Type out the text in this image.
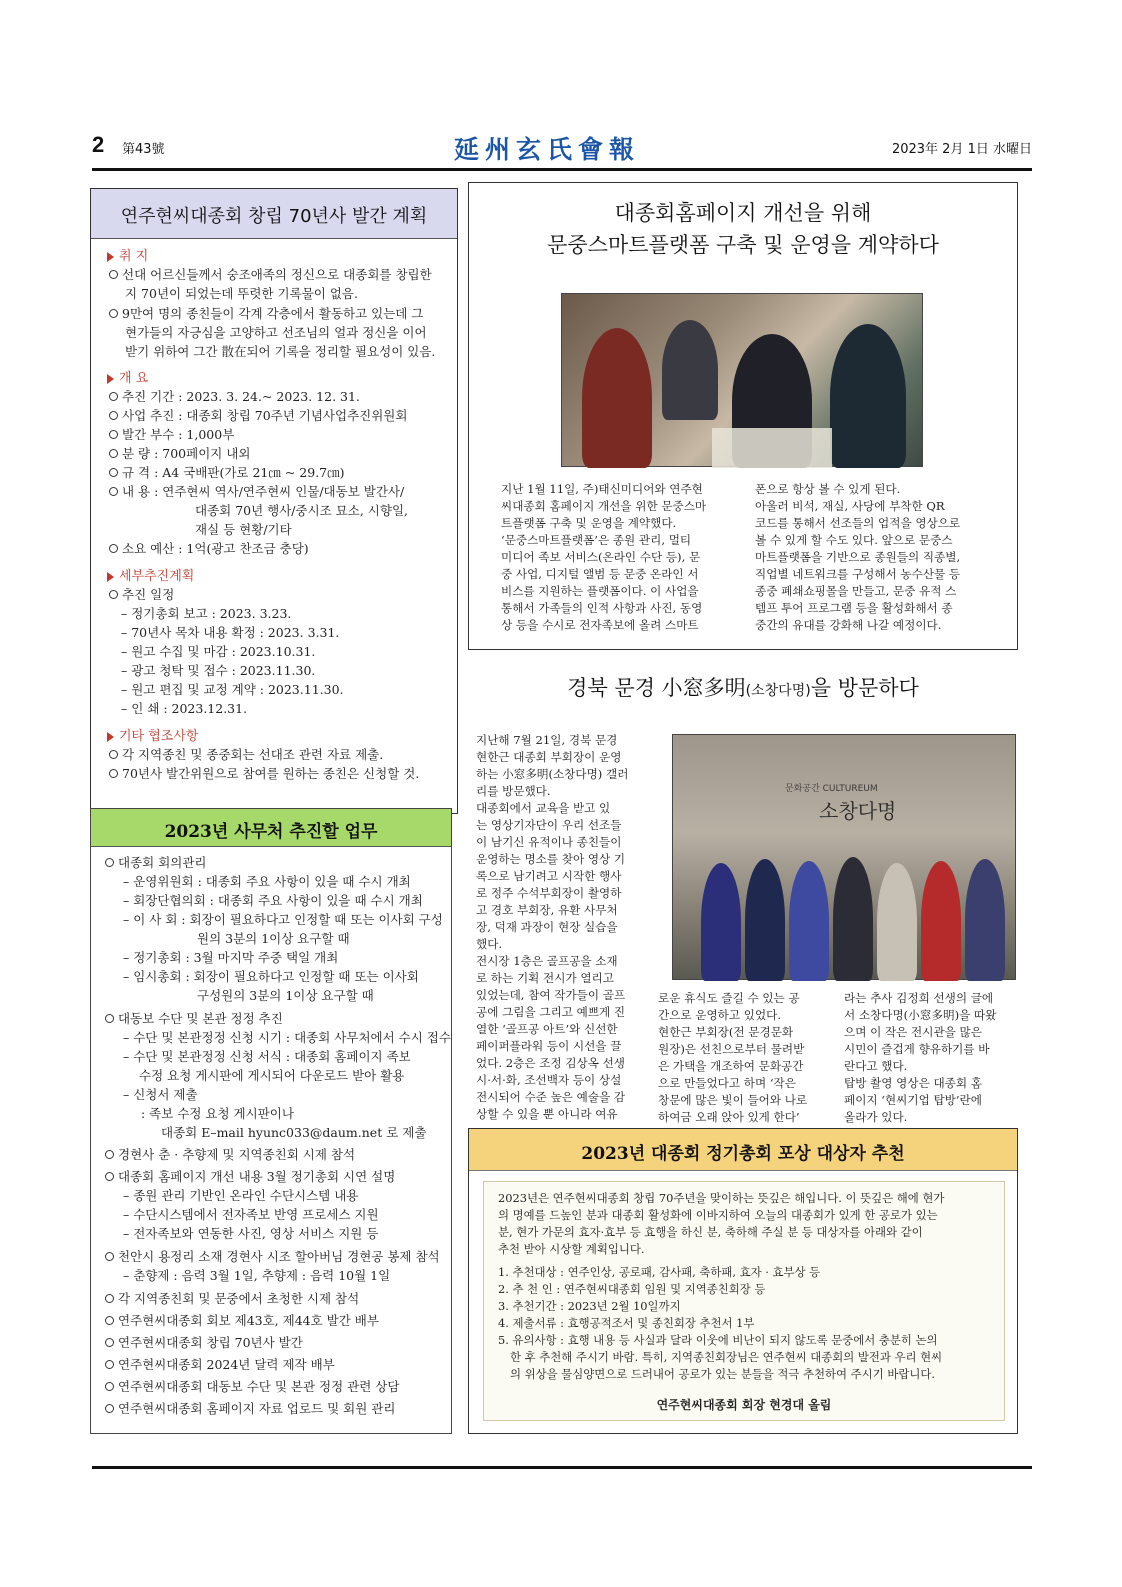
2 第43號	延州玄氏會報	2023年 2月 1日 水曜日
연주현씨대종회 창립 70년사 발간 계획
취 지
선대 어르신들께서 숭조애족의 정신으로 대종회를 창립한
지 70년이 되었는데 뚜렷한 기록물이 없음.
9만여 명의 종친들이 각계 각층에서 활동하고 있는데 그
현가들의 자긍심을 고양하고 선조님의 얼과 정신을 이어
받기 위하여 그간 散在되어 기록을 정리할 필요성이 있음.
개 요
추진 기간 : 2023. 3. 24.~ 2023. 12. 31.
사업 추진 : 대종회 창립 70주년 기념사업추진위원회
발간 부수 : 1,000부
분 량 : 700페이지 내외
규 격 : A4 국배판(가로 21㎝ ~ 29.7㎝)
내 용 : 연주현씨 역사/연주현씨 인물/대동보 발간사/
대종회 70년 행사/중시조 묘소, 시향일,
재실 등 현황/기타
소요 예산 : 1억(광고 찬조금 충당)
세부추진계획
추진 일정
– 정기총회 보고 : 2023. 3.23.
– 70년사 목차 내용 확정 : 2023. 3.31.
– 원고 수집 및 마감 : 2023.10.31.
– 광고 청탁 및 접수 : 2023.11.30.
– 원고 편집 및 교정 계약 : 2023.11.30.
– 인 쇄 : 2023.12.31.
기타 협조사항
각 지역종친 및 종중회는 선대조 관련 자료 제출.
70년사 발간위원으로 참여를 원하는 종친은 신청할 것.
2023년 사무처 추진할 업무
대종회 회의관리
– 운영위원회 : 대종회 주요 사항이 있을 때 수시 개최
– 회장단협의회 : 대종회 주요 사항이 있을 때 수시 개최
– 이 사 회 : 회장이 필요하다고 인정할 때 또는 이사회 구성
원의 3분의 1이상 요구할 때
– 정기총회 : 3월 마지막 주중 택일 개최
– 임시총회 : 회장이 필요하다고 인정할 때 또는 이사회
구성원의 3분의 1이상 요구할 때
대동보 수단 및 본관 정정 추진
– 수단 및 본관정정 신청 시기 : 대종회 사무처에서 수시 접수
– 수단 및 본관정정 신청 서식 : 대종회 홈페이지 족보
수정 요청 게시판에 게시되어 다운로드 받아 활용
– 신청서 제출
: 족보 수정 요청 게시판이나
대종회 E–mail hyunc033@daum.net 로 제출
경현사 춘 · 추향제 및 지역종친회 시제 참석
대종회 홈페이지 개선 내용 3월 정기총회 시연 설명
– 종원 관리 기반인 온라인 수단시스템 내용
– 수단시스템에서 전자족보 반영 프로세스 지원
– 전자족보와 연동한 사진, 영상 서비스 지원 등
천안시 용정리 소재 경현사 시조 할아버님 경현공 봉제 참석
– 춘향제 : 음력 3월 1일, 추향제 : 음력 10월 1일
각 지역종친회 및 문중에서 초청한 시제 참석
연주현씨대종회 회보 제43호, 제44호 발간 배부
연주현씨대종회 창립 70년사 발간
연주현씨대종회 2024년 달력 제작 배부
연주현씨대종회 대동보 수단 및 본관 정정 관련 상담
연주현씨대종회 홈페이지 자료 업로드 및 회원 관리
대종회홈페이지 개선을 위해
문중스마트플랫폼 구축 및 운영을 계약하다
지난 1월 11일, 주)태신미디어와 연주현
씨대종회 홈페이지 개선을 위한 문중스마
트플랫폼 구축 및 운영을 계약했다.
‘문중스마트플랫폼’은 종원 관리, 멀티
미디어 족보 서비스(온라인 수단 등), 문
중 사업, 디지털 앨범 등 문중 온라인 서
비스를 지원하는 플랫폼이다. 이 사업을
통해서 가족들의 인적 사항과 사진, 동영
상 등을 수시로 전자족보에 올려 스마트
폰으로 항상 볼 수 있게 된다.
아울러 비석, 재실, 사당에 부착한 QR
코드를 통해서 선조들의 업적을 영상으로
볼 수 있게 할 수도 있다. 앞으로 문중스
마트플랫폼을 기반으로 종원들의 직종별,
직업별 네트워크를 구성해서 농수산물 등
종중 폐쇄쇼핑몰을 만들고, 문중 유적 스
템프 투어 프로그램 등을 활성화해서 종
중간의 유대를 강화해 나갈 예정이다.
경북 문경 小窓多明(소창다명)을 방문하다
지난해 7월 21일, 경북 문경
현한근 대종회 부회장이 운영
하는 小窓多明(소창다명) 갤러
리를 방문했다.
대종회에서 교육을 받고 있
는 영상기자단이 우리 선조들
이 남기신 유적이나 종친들이
운영하는 명소를 찾아 영상 기
록으로 남기려고 시작한 행사
로 정주 수석부회장이 촬영하
고 경호 부회장, 유환 사무처
장, 덕재 과장이 현장 실습을
했다.
전시장 1층은 골프공을 소재
로 하는 기획 전시가 열리고
있었는데, 참여 작가들이 골프
공에 그림을 그리고 예쁘게 진
열한 ‘골프공 아트’와 신선한
페이퍼플라워 등이 시선을 끌
었다. 2층은 조정 김상옥 선생
시·서·화, 조선백자 등이 상설
전시되어 수준 높은 예술을 감
상할 수 있을 뿐 아니라 여유
문화공간 CULTUREUM
소창다명
로운 휴식도 즐길 수 있는 공
간으로 운영하고 있었다.
현한근 부회장(전 문경문화
원장)은 선친으로부터 물려받
은 가택을 개조하여 문화공간
으로 만들었다고 하며 ‘작은
창문에 많은 빛이 들어와 나로
하여금 오래 앉아 있게 한다’
라는 추사 김정희 선생의 글에
서 소창다명(小窓多明)을 따왔
으며 이 작은 전시관을 많은
시민이 즐겁게 향유하기를 바
란다고 했다.
탑방 촬영 영상은 대종회 홈
페이지 ‘현씨기업 탑방’란에
올라가 있다.
2023년 대종회 정기총회 포상 대상자 추천
2023년은 연주현씨대종회 창립 70주년을 맞이하는 뜻깊은 해입니다. 이 뜻깊은 해에 현가
의 명예를 드높인 분과 대종회 활성화에 이바지하여 오늘의 대종회가 있게 한 공로가 있는
분, 현가 가문의 효자·효부 등 효행을 하신 분, 축하해 주실 분 등 대상자를 아래와 같이
추천 받아 시상할 계획입니다.
1. 추천대상 : 연주인상, 공로패, 감사패, 축하패, 효자 · 효부상 등
2. 추 천 인 : 연주현씨대종회 임원 및 지역종친회장 등
3. 추천기간 : 2023년 2월 10일까지
4. 제출서류 : 효행공적조서 및 종친회장 추천서 1부
5. 유의사항 : 효행 내용 등 사실과 달라 이웃에 비난이 되지 않도록 문중에서 충분히 논의
한 후 추천해 주시기 바람. 특히, 지역종친회장님은 연주현씨 대종회의 발전과 우리 현씨
의 위상을 물심양면으로 드러내어 공로가 있는 분들을 적극 추천하여 주시기 바랍니다.
연주현씨대종회 회장 현경대 올림
